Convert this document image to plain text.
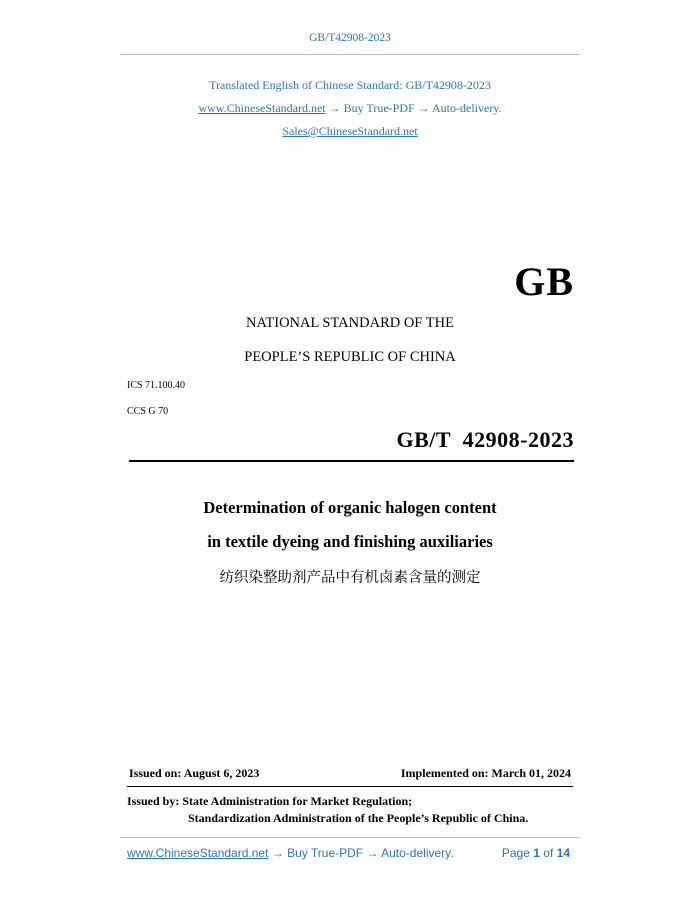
GB/T42908-2023
Translated English of Chinese Standard: GB/T42908-2023
www.ChineseStandard.net → Buy True-PDF → Auto-delivery.
Sales@ChineseStandard.net
GB
NATIONAL STANDARD OF THE
PEOPLE’S REPUBLIC OF CHINA
ICS 71.100.40
CCS G 70
GB/T  42908-2023
Determination of organic halogen content
in textile dyeing and finishing auxiliaries
纺织染整助剂产品中有机卤素含量的测定
Issued on: August 6, 2023	Implemented on: March 01, 2024
Issued by: State Administration for Market Regulation;
Standardization Administration of the People’s Republic of China.
www.ChineseStandard.net → Buy True-PDF → Auto-delivery.	Page 1 of 14
